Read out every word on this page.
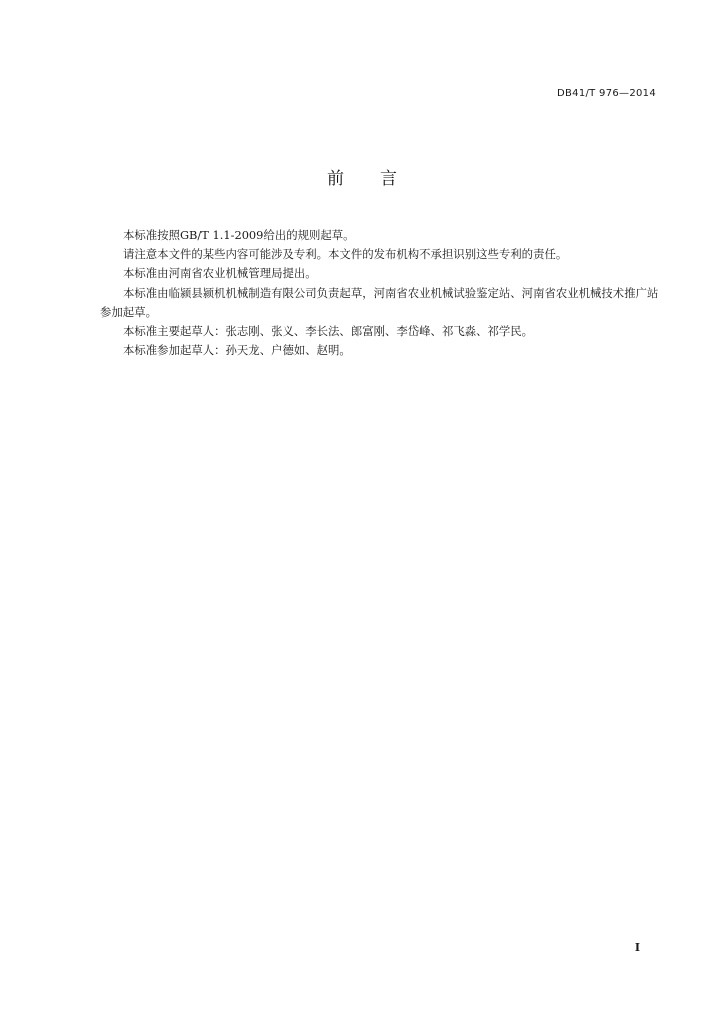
DB41/T 976—2014
前言

本标准按照GB/T 1.1-2009给出的规则起草。

请注意本文件的某些内容可能涉及专利。本文件的发布机构不承担识别这些专利的责任。

本标准由河南省农业机械管理局提出。

本标准由临颍县颍机机械制造有限公司负责起草，河南省农业机械试验鉴定站、河南省农业机械技术推广站参加起草。

本标准主要起草人：张志刚、张义、李长法、郎富刚、李岱峰、祁飞淼、祁学民。

本标准参加起草人：孙天龙、户德如、赵明。

I
